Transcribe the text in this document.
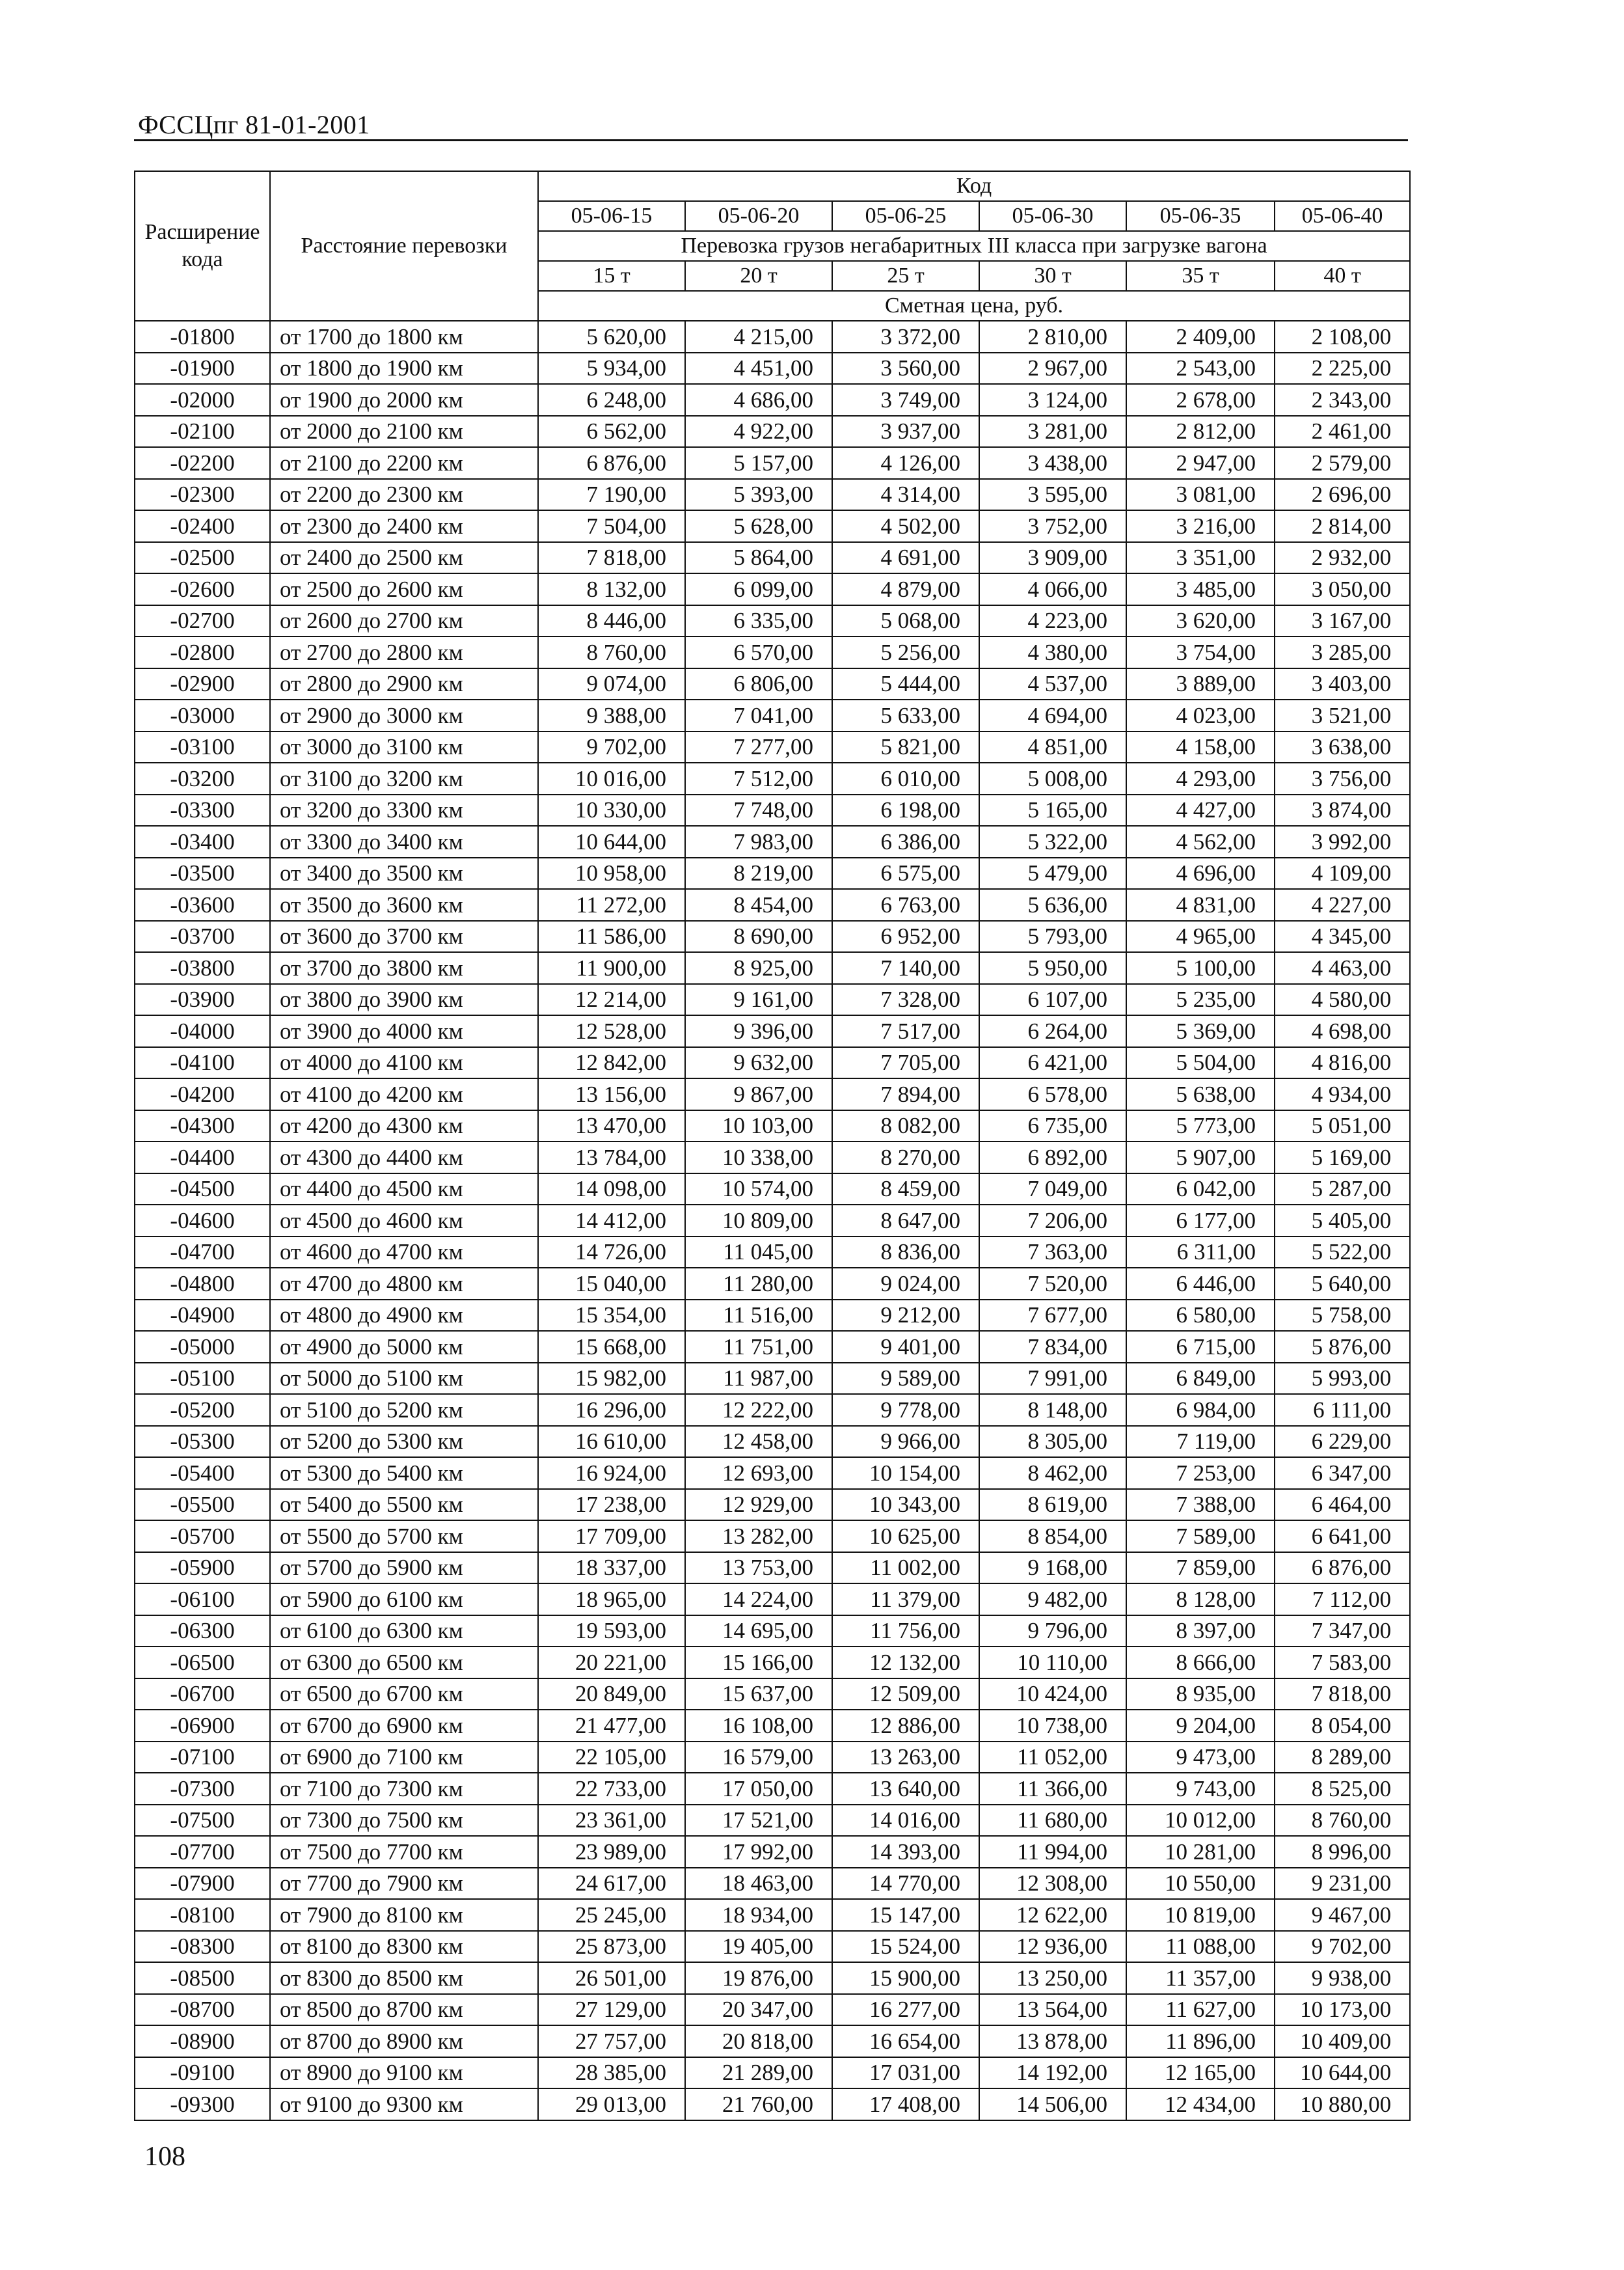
ФССЦпг 81-01-2001
Расширение кода	Расстояние перевозки	Код					
		05-06-15	05-06-20	05-06-25	05-06-30	05-06-35	05-06-40
		Перевозка грузов негабаритных III класса при загрузке вагона					
		15 т	20 т	25 т	30 т	35 т	40 т
		Сметная цена, руб.					
-01800	от 1700 до 1800 км	5 620,00	4 215,00	3 372,00	2 810,00	2 409,00	2 108,00
-01900	от 1800 до 1900 км	5 934,00	4 451,00	3 560,00	2 967,00	2 543,00	2 225,00
-02000	от 1900 до 2000 км	6 248,00	4 686,00	3 749,00	3 124,00	2 678,00	2 343,00
-02100	от 2000 до 2100 км	6 562,00	4 922,00	3 937,00	3 281,00	2 812,00	2 461,00
-02200	от 2100 до 2200 км	6 876,00	5 157,00	4 126,00	3 438,00	2 947,00	2 579,00
-02300	от 2200 до 2300 км	7 190,00	5 393,00	4 314,00	3 595,00	3 081,00	2 696,00
-02400	от 2300 до 2400 км	7 504,00	5 628,00	4 502,00	3 752,00	3 216,00	2 814,00
-02500	от 2400 до 2500 км	7 818,00	5 864,00	4 691,00	3 909,00	3 351,00	2 932,00
-02600	от 2500 до 2600 км	8 132,00	6 099,00	4 879,00	4 066,00	3 485,00	3 050,00
-02700	от 2600 до 2700 км	8 446,00	6 335,00	5 068,00	4 223,00	3 620,00	3 167,00
-02800	от 2700 до 2800 км	8 760,00	6 570,00	5 256,00	4 380,00	3 754,00	3 285,00
-02900	от 2800 до 2900 км	9 074,00	6 806,00	5 444,00	4 537,00	3 889,00	3 403,00
-03000	от 2900 до 3000 км	9 388,00	7 041,00	5 633,00	4 694,00	4 023,00	3 521,00
-03100	от 3000 до 3100 км	9 702,00	7 277,00	5 821,00	4 851,00	4 158,00	3 638,00
-03200	от 3100 до 3200 км	10 016,00	7 512,00	6 010,00	5 008,00	4 293,00	3 756,00
-03300	от 3200 до 3300 км	10 330,00	7 748,00	6 198,00	5 165,00	4 427,00	3 874,00
-03400	от 3300 до 3400 км	10 644,00	7 983,00	6 386,00	5 322,00	4 562,00	3 992,00
-03500	от 3400 до 3500 км	10 958,00	8 219,00	6 575,00	5 479,00	4 696,00	4 109,00
-03600	от 3500 до 3600 км	11 272,00	8 454,00	6 763,00	5 636,00	4 831,00	4 227,00
-03700	от 3600 до 3700 км	11 586,00	8 690,00	6 952,00	5 793,00	4 965,00	4 345,00
-03800	от 3700 до 3800 км	11 900,00	8 925,00	7 140,00	5 950,00	5 100,00	4 463,00
-03900	от 3800 до 3900 км	12 214,00	9 161,00	7 328,00	6 107,00	5 235,00	4 580,00
-04000	от 3900 до 4000 км	12 528,00	9 396,00	7 517,00	6 264,00	5 369,00	4 698,00
-04100	от 4000 до 4100 км	12 842,00	9 632,00	7 705,00	6 421,00	5 504,00	4 816,00
-04200	от 4100 до 4200 км	13 156,00	9 867,00	7 894,00	6 578,00	5 638,00	4 934,00
-04300	от 4200 до 4300 км	13 470,00	10 103,00	8 082,00	6 735,00	5 773,00	5 051,00
-04400	от 4300 до 4400 км	13 784,00	10 338,00	8 270,00	6 892,00	5 907,00	5 169,00
-04500	от 4400 до 4500 км	14 098,00	10 574,00	8 459,00	7 049,00	6 042,00	5 287,00
-04600	от 4500 до 4600 км	14 412,00	10 809,00	8 647,00	7 206,00	6 177,00	5 405,00
-04700	от 4600 до 4700 км	14 726,00	11 045,00	8 836,00	7 363,00	6 311,00	5 522,00
-04800	от 4700 до 4800 км	15 040,00	11 280,00	9 024,00	7 520,00	6 446,00	5 640,00
-04900	от 4800 до 4900 км	15 354,00	11 516,00	9 212,00	7 677,00	6 580,00	5 758,00
-05000	от 4900 до 5000 км	15 668,00	11 751,00	9 401,00	7 834,00	6 715,00	5 876,00
-05100	от 5000 до 5100 км	15 982,00	11 987,00	9 589,00	7 991,00	6 849,00	5 993,00
-05200	от 5100 до 5200 км	16 296,00	12 222,00	9 778,00	8 148,00	6 984,00	6 111,00
-05300	от 5200 до 5300 км	16 610,00	12 458,00	9 966,00	8 305,00	7 119,00	6 229,00
-05400	от 5300 до 5400 км	16 924,00	12 693,00	10 154,00	8 462,00	7 253,00	6 347,00
-05500	от 5400 до 5500 км	17 238,00	12 929,00	10 343,00	8 619,00	7 388,00	6 464,00
-05700	от 5500 до 5700 км	17 709,00	13 282,00	10 625,00	8 854,00	7 589,00	6 641,00
-05900	от 5700 до 5900 км	18 337,00	13 753,00	11 002,00	9 168,00	7 859,00	6 876,00
-06100	от 5900 до 6100 км	18 965,00	14 224,00	11 379,00	9 482,00	8 128,00	7 112,00
-06300	от 6100 до 6300 км	19 593,00	14 695,00	11 756,00	9 796,00	8 397,00	7 347,00
-06500	от 6300 до 6500 км	20 221,00	15 166,00	12 132,00	10 110,00	8 666,00	7 583,00
-06700	от 6500 до 6700 км	20 849,00	15 637,00	12 509,00	10 424,00	8 935,00	7 818,00
-06900	от 6700 до 6900 км	21 477,00	16 108,00	12 886,00	10 738,00	9 204,00	8 054,00
-07100	от 6900 до 7100 км	22 105,00	16 579,00	13 263,00	11 052,00	9 473,00	8 289,00
-07300	от 7100 до 7300 км	22 733,00	17 050,00	13 640,00	11 366,00	9 743,00	8 525,00
-07500	от 7300 до 7500 км	23 361,00	17 521,00	14 016,00	11 680,00	10 012,00	8 760,00
-07700	от 7500 до 7700 км	23 989,00	17 992,00	14 393,00	11 994,00	10 281,00	8 996,00
-07900	от 7700 до 7900 км	24 617,00	18 463,00	14 770,00	12 308,00	10 550,00	9 231,00
-08100	от 7900 до 8100 км	25 245,00	18 934,00	15 147,00	12 622,00	10 819,00	9 467,00
-08300	от 8100 до 8300 км	25 873,00	19 405,00	15 524,00	12 936,00	11 088,00	9 702,00
-08500	от 8300 до 8500 км	26 501,00	19 876,00	15 900,00	13 250,00	11 357,00	9 938,00
-08700	от 8500 до 8700 км	27 129,00	20 347,00	16 277,00	13 564,00	11 627,00	10 173,00
-08900	от 8700 до 8900 км	27 757,00	20 818,00	16 654,00	13 878,00	11 896,00	10 409,00
-09100	от 8900 до 9100 км	28 385,00	21 289,00	17 031,00	14 192,00	12 165,00	10 644,00
-09300	от 9100 до 9300 км	29 013,00	21 760,00	17 408,00	14 506,00	12 434,00	10 880,00
108
